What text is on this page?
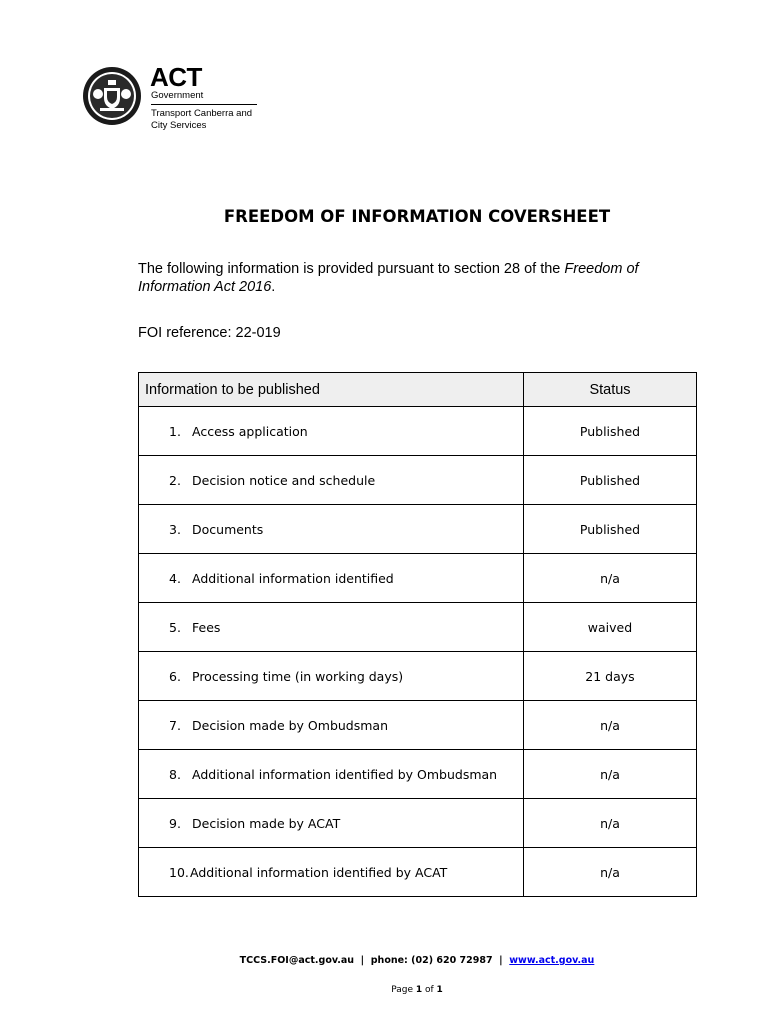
ACT
Government
Transport Canberra and
City Services
FREEDOM OF INFORMATION COVERSHEET
The following information is provided pursuant to section 28 of the Freedom of Information Act 2016.
FOI reference: 22-019
Information to be published	Status
1. Access application	Published
2. Decision notice and schedule	Published
3. Documents	Published
4. Additional information identified	n/a
5. Fees	waived
6. Processing time (in working days)	21 days
7. Decision made by Ombudsman	n/a
8. Additional information identified by Ombudsman	n/a
9. Decision made by ACAT	n/a
10.Additional information identified by ACAT	n/a
TCCS.FOI@act.gov.au  |  phone: (02) 620 72987  |  www.act.gov.au
Page 1 of 1
